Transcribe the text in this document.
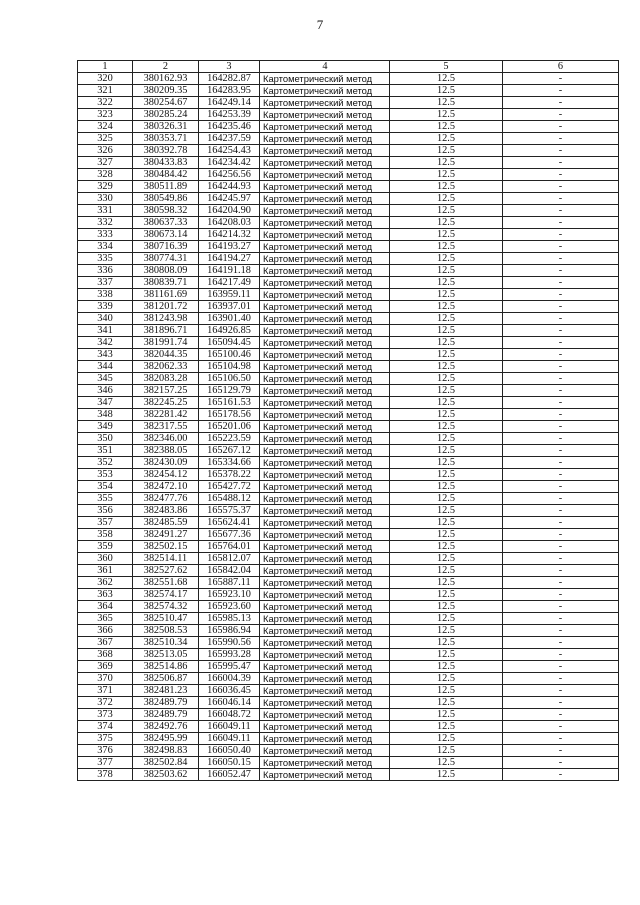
7
1	2	3	4	5	6
320	380162.93	164282.87	Картометрический метод	12.5	-
321	380209.35	164283.95	Картометрический метод	12.5	-
322	380254.67	164249.14	Картометрический метод	12.5	-
323	380285.24	164253.39	Картометрический метод	12.5	-
324	380326.31	164235.46	Картометрический метод	12.5	-
325	380353.71	164237.59	Картометрический метод	12.5	-
326	380392.78	164254.43	Картометрический метод	12.5	-
327	380433.83	164234.42	Картометрический метод	12.5	-
328	380484.42	164256.56	Картометрический метод	12.5	-
329	380511.89	164244.93	Картометрический метод	12.5	-
330	380549.86	164245.97	Картометрический метод	12.5	-
331	380598.32	164204.90	Картометрический метод	12.5	-
332	380637.33	164208.03	Картометрический метод	12.5	-
333	380673.14	164214.32	Картометрический метод	12.5	-
334	380716.39	164193.27	Картометрический метод	12.5	-
335	380774.31	164194.27	Картометрический метод	12.5	-
336	380808.09	164191.18	Картометрический метод	12.5	-
337	380839.71	164217.49	Картометрический метод	12.5	-
338	381161.69	163959.11	Картометрический метод	12.5	-
339	381201.72	163937.01	Картометрический метод	12.5	-
340	381243.98	163901.40	Картометрический метод	12.5	-
341	381896.71	164926.85	Картометрический метод	12.5	-
342	381991.74	165094.45	Картометрический метод	12.5	-
343	382044.35	165100.46	Картометрический метод	12.5	-
344	382062.33	165104.98	Картометрический метод	12.5	-
345	382083.28	165106.50	Картометрический метод	12.5	-
346	382157.25	165129.79	Картометрический метод	12.5	-
347	382245.25	165161.53	Картометрический метод	12.5	-
348	382281.42	165178.56	Картометрический метод	12.5	-
349	382317.55	165201.06	Картометрический метод	12.5	-
350	382346.00	165223.59	Картометрический метод	12.5	-
351	382388.05	165267.12	Картометрический метод	12.5	-
352	382430.09	165334.66	Картометрический метод	12.5	-
353	382454.12	165378.22	Картометрический метод	12.5	-
354	382472.10	165427.72	Картометрический метод	12.5	-
355	382477.76	165488.12	Картометрический метод	12.5	-
356	382483.86	165575.37	Картометрический метод	12.5	-
357	382485.59	165624.41	Картометрический метод	12.5	-
358	382491.27	165677.36	Картометрический метод	12.5	-
359	382502.15	165764.01	Картометрический метод	12.5	-
360	382514.11	165812.07	Картометрический метод	12.5	-
361	382527.62	165842.04	Картометрический метод	12.5	-
362	382551.68	165887.11	Картометрический метод	12.5	-
363	382574.17	165923.10	Картометрический метод	12.5	-
364	382574.32	165923.60	Картометрический метод	12.5	-
365	382510.47	165985.13	Картометрический метод	12.5	-
366	382508.53	165986.94	Картометрический метод	12.5	-
367	382510.34	165990.56	Картометрический метод	12.5	-
368	382513.05	165993.28	Картометрический метод	12.5	-
369	382514.86	165995.47	Картометрический метод	12.5	-
370	382506.87	166004.39	Картометрический метод	12.5	-
371	382481.23	166036.45	Картометрический метод	12.5	-
372	382489.79	166046.14	Картометрический метод	12.5	-
373	382489.79	166048.72	Картометрический метод	12.5	-
374	382492.76	166049.11	Картометрический метод	12.5	-
375	382495.99	166049.11	Картометрический метод	12.5	-
376	382498.83	166050.40	Картометрический метод	12.5	-
377	382502.84	166050.15	Картометрический метод	12.5	-
378	382503.62	166052.47	Картометрический метод	12.5	-
